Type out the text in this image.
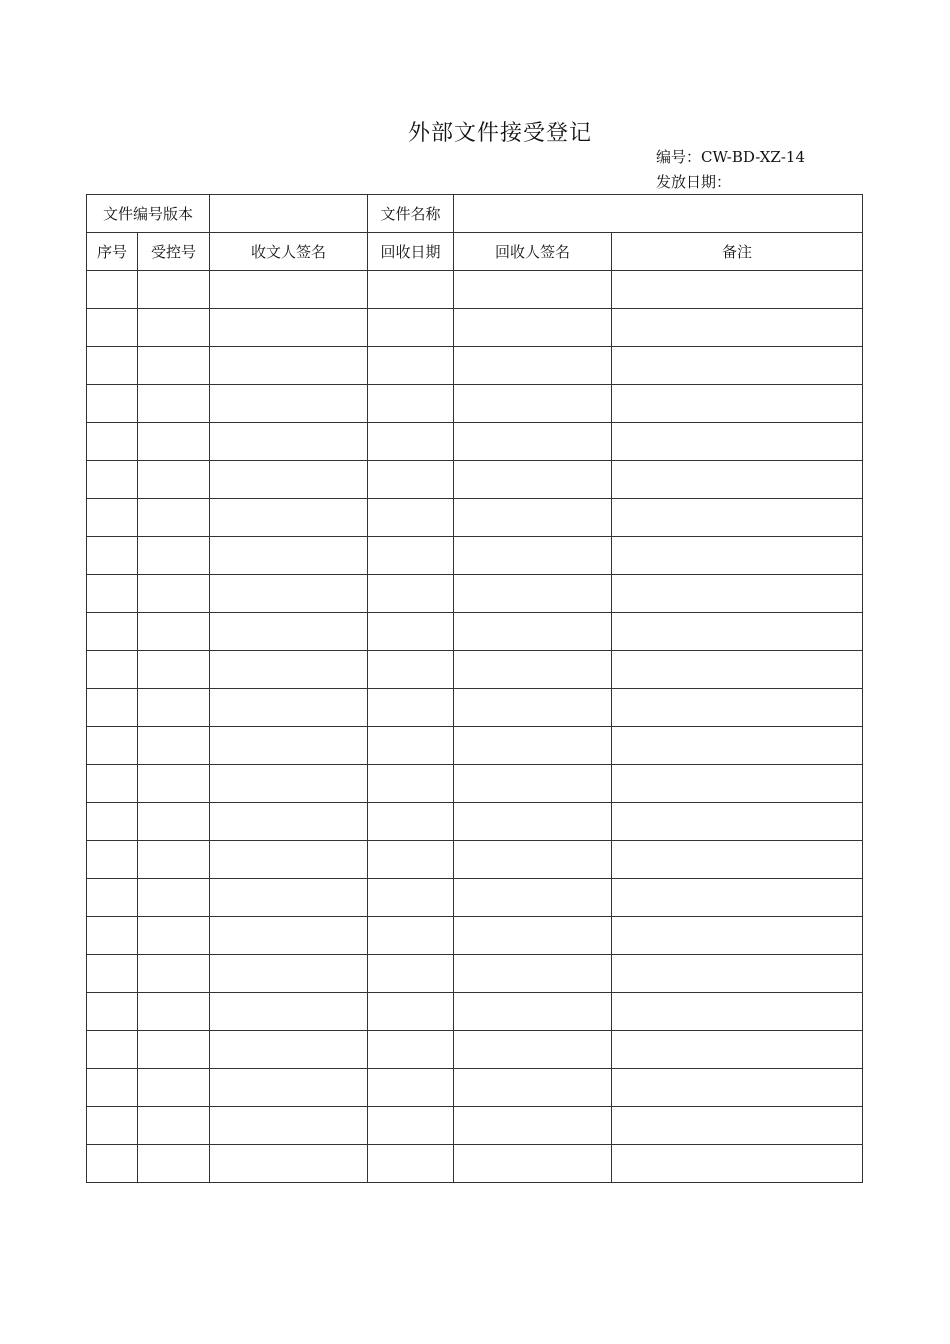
外部文件接受登记
编号：CW-BD-XZ-14
发放日期：
文件编号版本			文件名称		
序号	受控号	收文人签名	回收日期	回收人签名	备注
